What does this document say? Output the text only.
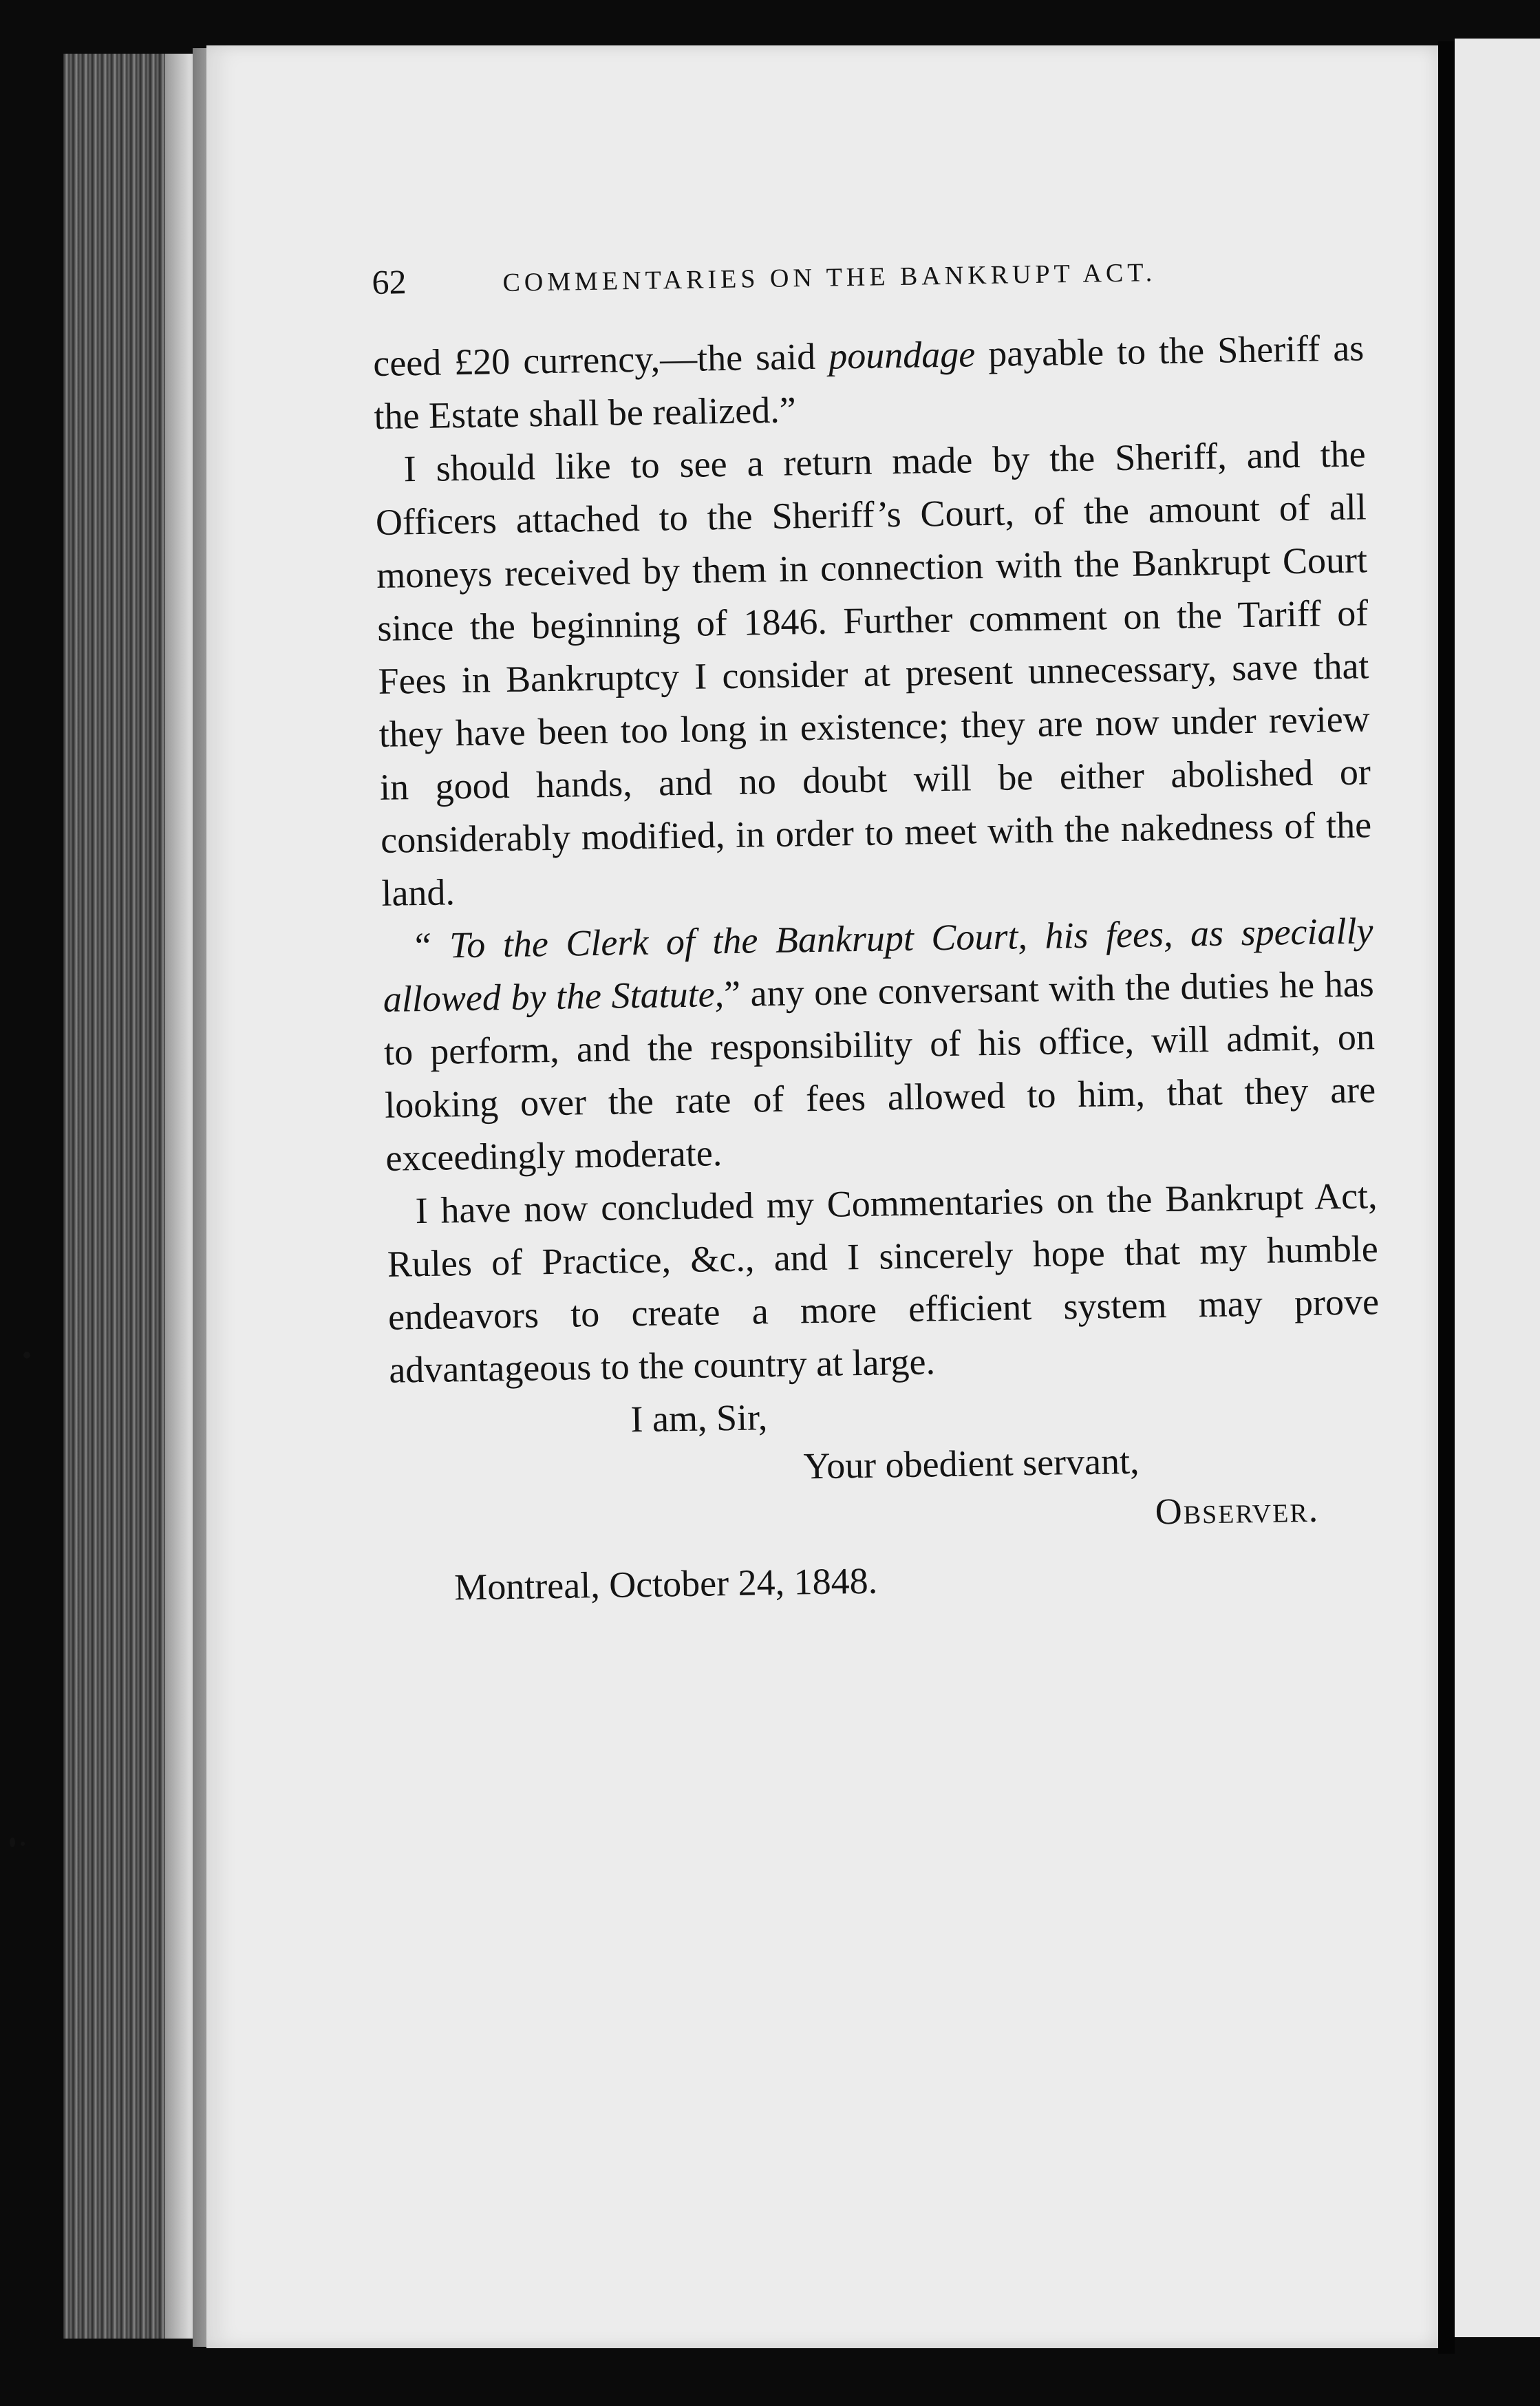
62	COMMENTARIES ON THE BANKRUPT ACT.

ceed £20 currency,—the said poundage payable to the Sheriff as the Estate shall be realized.”

I should like to see a return made by the Sheriff, and the Officers attached to the Sheriff’s Court, of the amount of all moneys received by them in connection with the Bankrupt Court since the beginning of 1846. Further comment on the Tariff of Fees in Bankruptcy I consider at present unnecessary, save that they have been too long in existence; they are now under review in good hands, and no doubt will be either abolished or considerably modified, in order to meet with the nakedness of the land.

“ To the Clerk of the Bankrupt Court, his fees, as specially allowed by the Statute,” any one conversant with the duties he has to perform, and the responsibility of his office, will admit, on looking over the rate of fees allowed to him, that they are exceedingly moderate.

I have now concluded my Commentaries on the Bankrupt Act, Rules of Practice, &c., and I sincerely hope that my humble endeavors to create a more efficient system may prove advantageous to the country at large.

I am, Sir,
Your obedient servant,
Observer.
Montreal, October 24, 1848.
